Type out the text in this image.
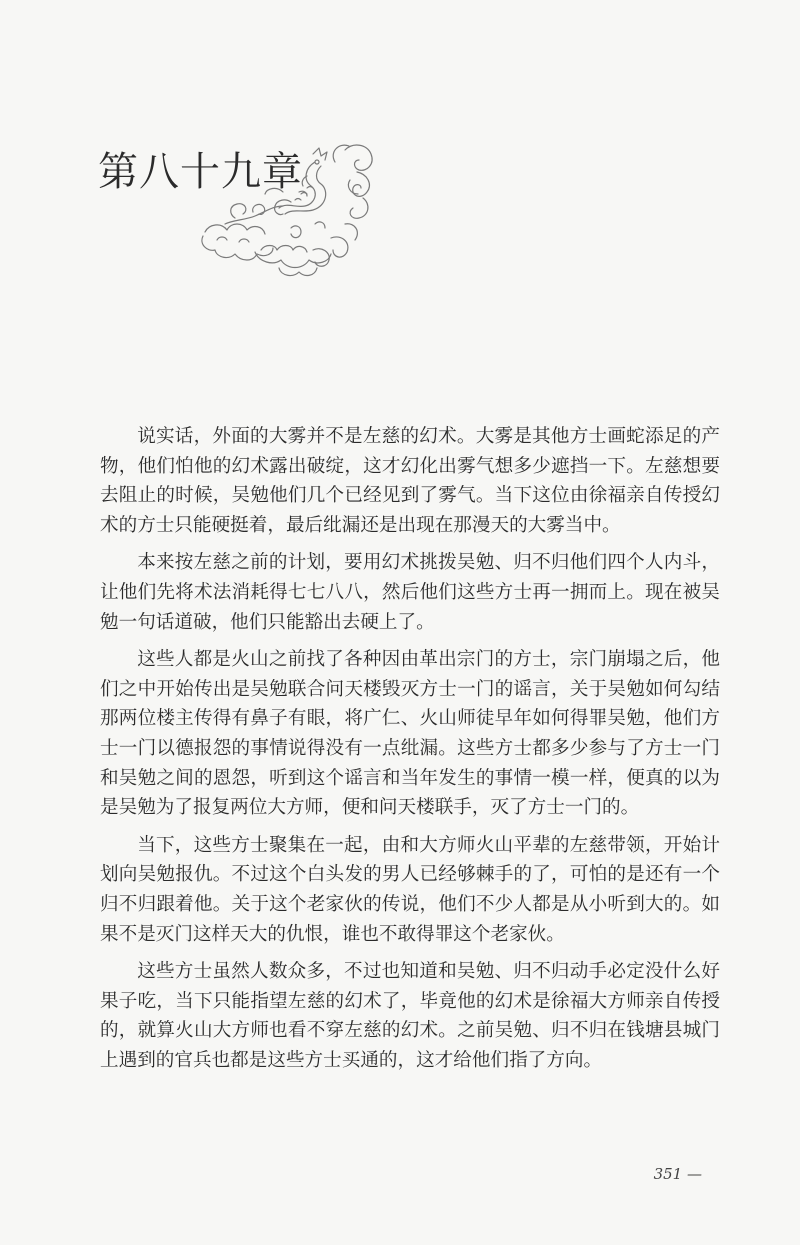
第八十九章

说实话，外面的大雾并不是左慈的幻术。大雾是其他方士画蛇添足的产物，他们怕他的幻术露出破绽，这才幻化出雾气想多少遮挡一下。左慈想要去阻止的时候，吴勉他们几个已经见到了雾气。当下这位由徐福亲自传授幻术的方士只能硬挺着，最后纰漏还是出现在那漫天的大雾当中。

本来按左慈之前的计划，要用幻术挑拨吴勉、归不归他们四个人内斗，让他们先将术法消耗得七七八八，然后他们这些方士再一拥而上。现在被吴勉一句话道破，他们只能豁出去硬上了。

这些人都是火山之前找了各种因由革出宗门的方士，宗门崩塌之后，他们之中开始传出是吴勉联合问天楼毁灭方士一门的谣言，关于吴勉如何勾结那两位楼主传得有鼻子有眼，将广仁、火山师徒早年如何得罪吴勉，他们方士一门以德报怨的事情说得没有一点纰漏。这些方士都多少参与了方士一门和吴勉之间的恩怨，听到这个谣言和当年发生的事情一模一样，便真的以为是吴勉为了报复两位大方师，便和问天楼联手，灭了方士一门的。

当下，这些方士聚集在一起，由和大方师火山平辈的左慈带领，开始计划向吴勉报仇。不过这个白头发的男人已经够棘手的了，可怕的是还有一个归不归跟着他。关于这个老家伙的传说，他们不少人都是从小听到大的。如果不是灭门这样天大的仇恨，谁也不敢得罪这个老家伙。

这些方士虽然人数众多，不过也知道和吴勉、归不归动手必定没什么好果子吃，当下只能指望左慈的幻术了，毕竟他的幻术是徐福大方师亲自传授的，就算火山大方师也看不穿左慈的幻术。之前吴勉、归不归在钱塘县城门上遇到的官兵也都是这些方士买通的，这才给他们指了方向。

351 —
